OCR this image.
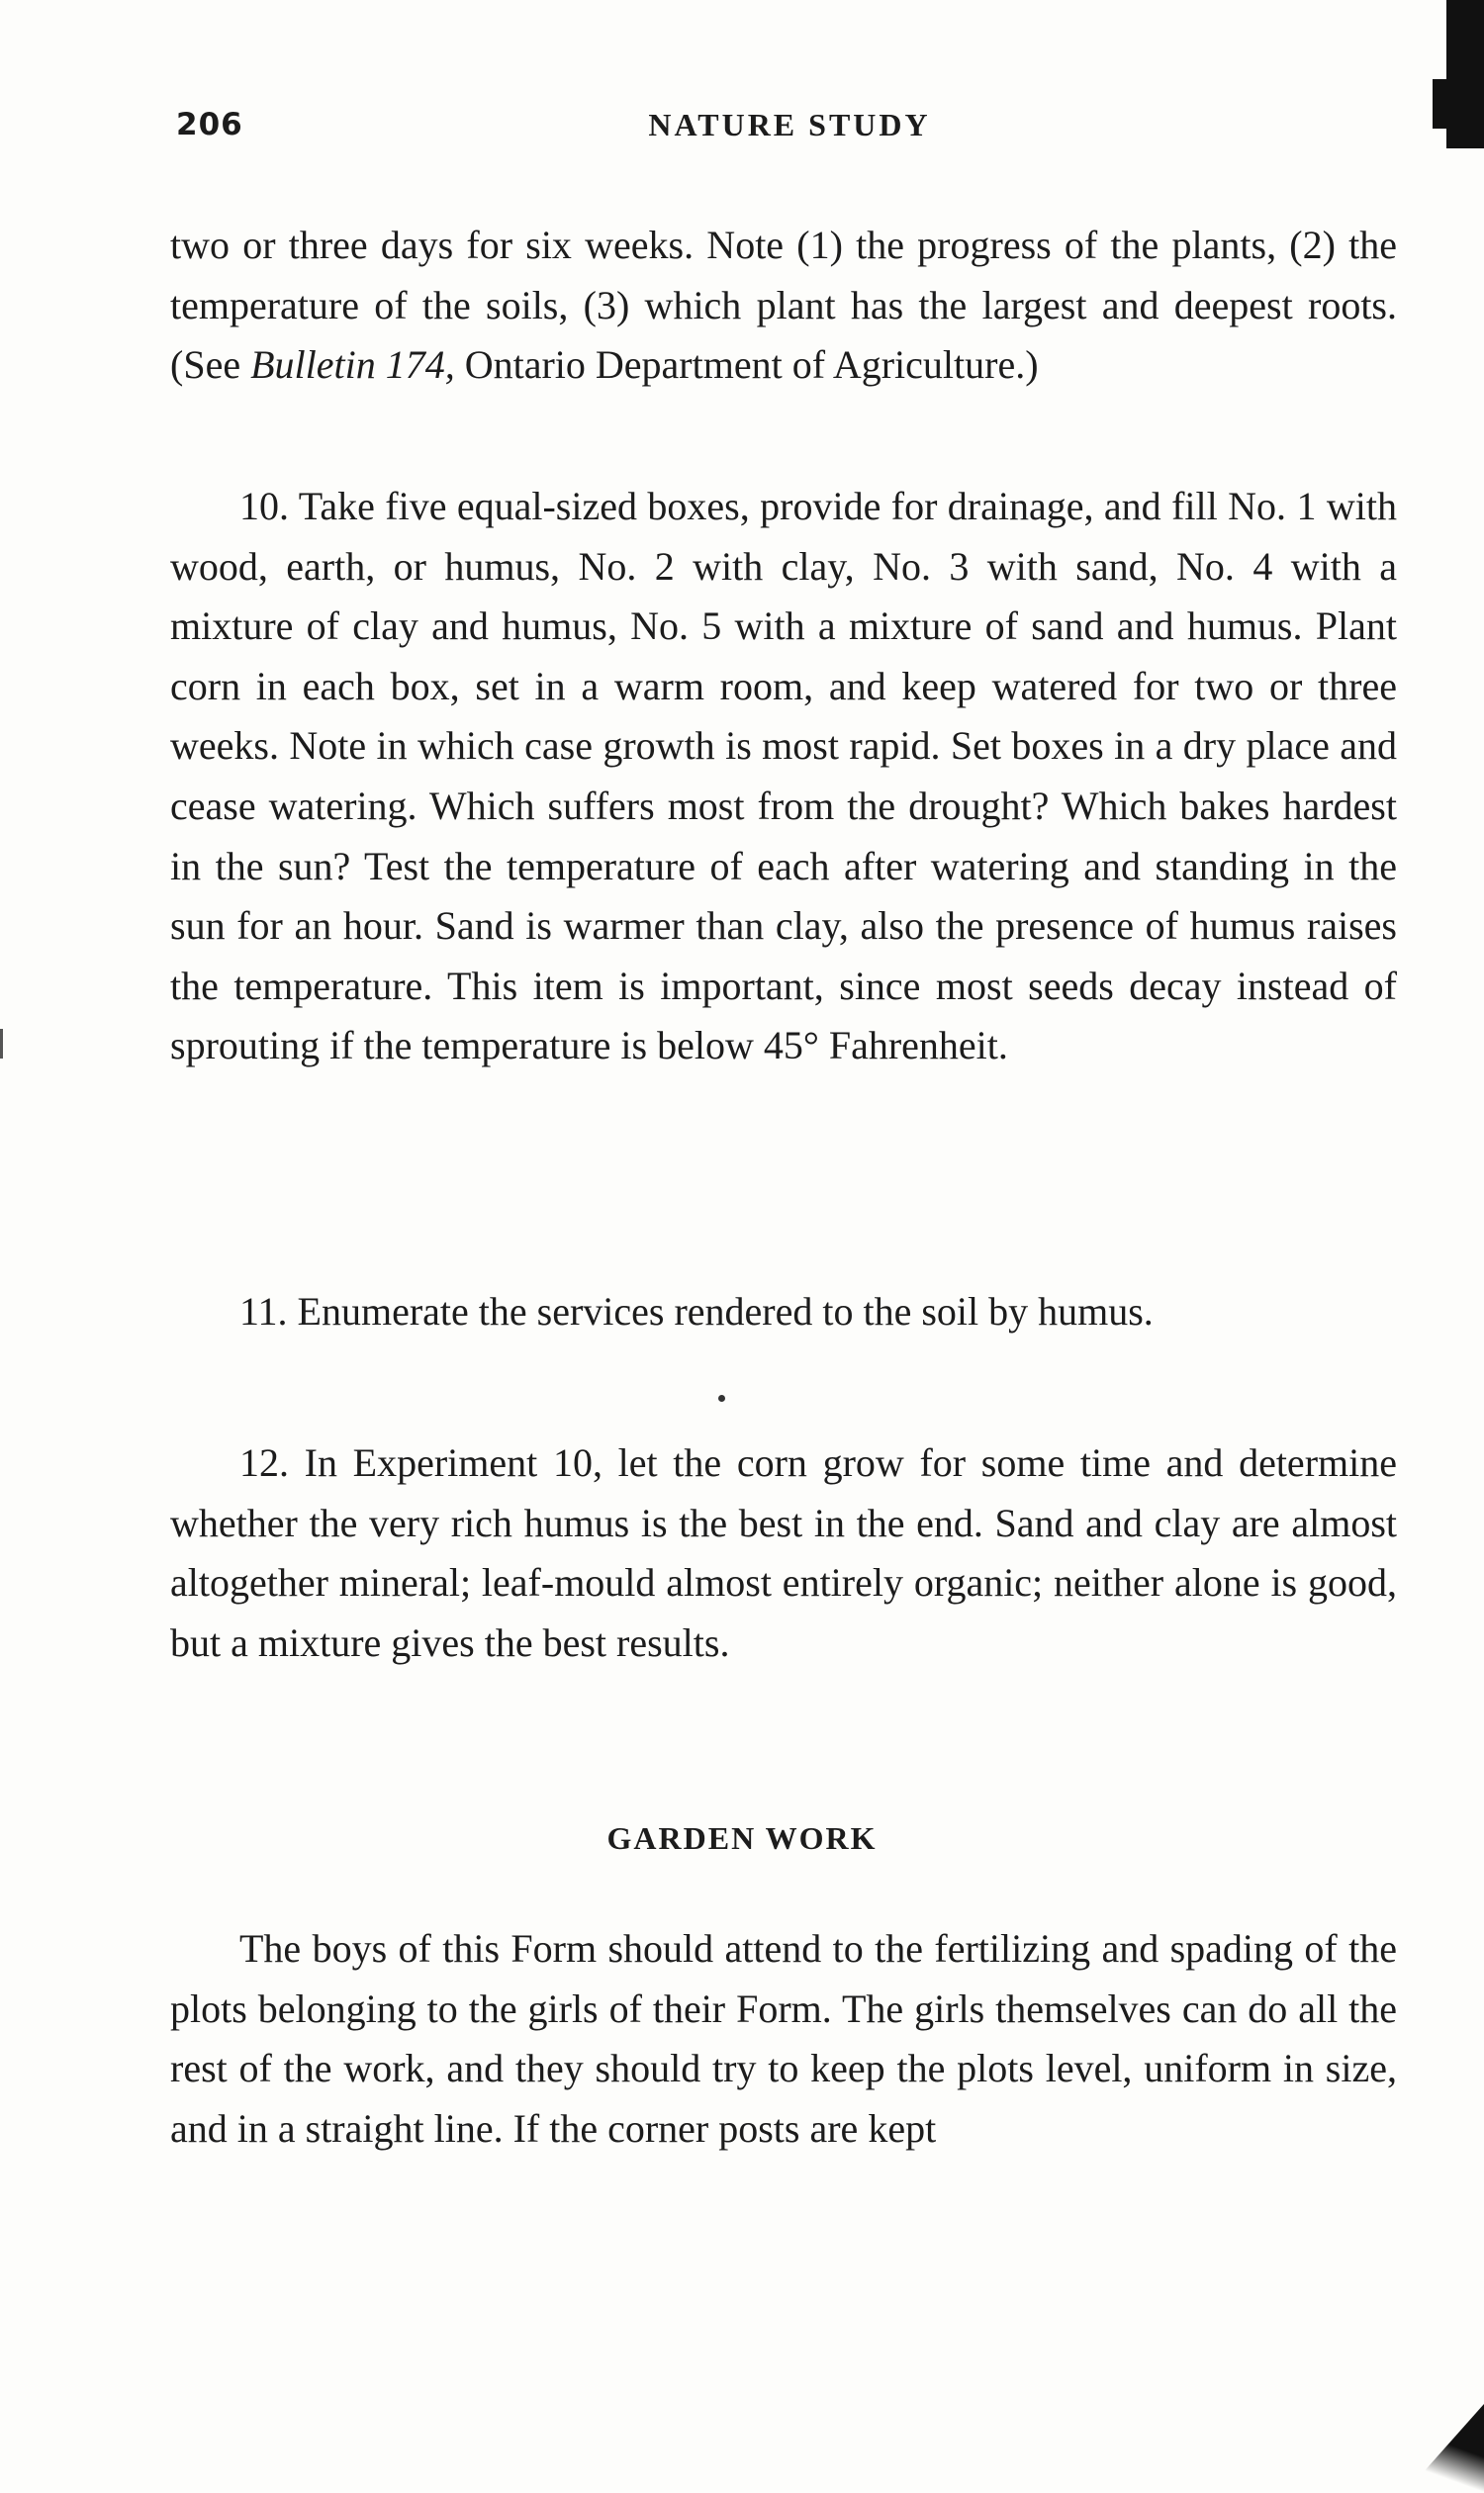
206	NATURE STUDY

two or three days for six weeks. Note (1) the progress of the plants, (2) the temperature of the soils, (3) which plant has the largest and deepest roots. (See Bulletin 174, Ontario Department of Agriculture.)

10. Take five equal-sized boxes, provide for drainage, and fill No. 1 with wood, earth, or humus, No. 2 with clay, No. 3 with sand, No. 4 with a mixture of clay and humus, No. 5 with a mixture of sand and humus. Plant corn in each box, set in a warm room, and keep watered for two or three weeks. Note in which case growth is most rapid. Set boxes in a dry place and cease watering. Which suffers most from the drought? Which bakes hardest in the sun? Test the temperature of each after watering and standing in the sun for an hour. Sand is warmer than clay, also the presence of humus raises the temperature. This item is important, since most seeds decay instead of sprouting if the temperature is below 45° Fahrenheit.

11. Enumerate the services rendered to the soil by humus.

12. In Experiment 10, let the corn grow for some time and determine whether the very rich humus is the best in the end. Sand and clay are almost altogether mineral; leaf-mould almost entirely organic; neither alone is good, but a mixture gives the best results.

GARDEN WORK

The boys of this Form should attend to the fertilizing and spading of the plots belonging to the girls of their Form. The girls themselves can do all the rest of the work, and they should try to keep the plots level, uniform in size, and in a straight line. If the corner posts are kept
